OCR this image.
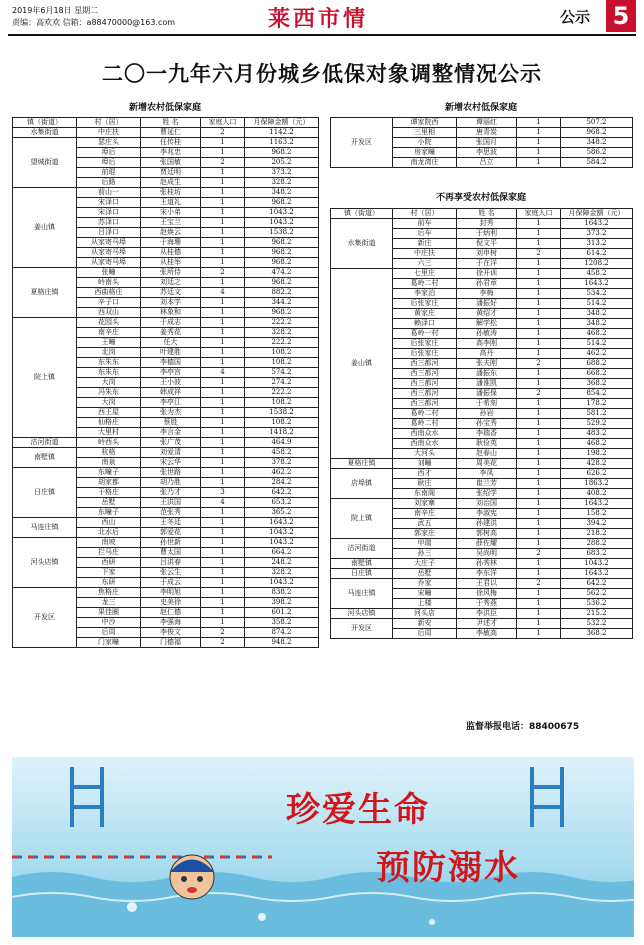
2019年6月18日 星期二
责编：高欢欢 信箱：a88470000@163.com	莱西市情	公示 5
二〇一九年六月份城乡低保对象调整情况公示
新增农村低保家庭
镇（街道）	村（居）	姓 名	家庭人口	月保障金额（元）
水集街道	中庄扶	曹延仁	2	1142.2
望城街道	瑟庄头	任传桂	1	1163.2
	埠后	李兆忠	1	968.2
	埠后	张国敏	2	205.2
	前琨	贾廷明	1	373.2
	后路	赵成生	1	328.2
姜山镇	前山一	张桂坊	1	348.2
	宋泽口	王道礼	1	968.2
	宋泽口	宋小弟	1	1043.2
	苏泽口	王宝兰	1	1043.2
	吕泽口	赵焕云	1	1538.2
	从家寄马埠	于海珊	1	968.2
	从家寄马埠	从桂德	1	968.2
	从家寄马埠	从桂举	1	968.2
夏格庄镇	张疃	张所侍	2	474.2
	岭南头	刘廷之	1	968.2
	西曲格庄	苏廷文	4	882.2
	辛子口	刘本学	1	344.2
	西双山	林象和	1	968.2
院上镇	花园头	于成志	1	222.2
	南辛庄	姜秀花	1	328.2
	王疃	任大	1	222.2
	北岗	叶建胜	1	108.2
	东朱东	李德国	1	108.2
	东朱东	李亭宫	4	574.2
	大岗	王小波	1	274.2
	冯朱东	韩成祥	1	222.2
	大岗	李亭江	1	108.2
	西王屋	张为杰	1	1538.2
	仙格庄	蔡胜	1	108.2
	大里村	李言金	1	1418.2
沽河街道	岭西头	张广茂	1	464.9
南墅镇	杭格	刘爱清	1	458.2
	南泉	宋云华	1	378.2
日庄镇	东疃子	张世路	1	462.2
	胡家都	胡乃胜	1	284.2
	于格庄	张乃才	3	642.2
	岳墅	王洪国	4	653.2
	东疃子	范张秀	1	365.2
马连庄镇	西山	王冬廷	1	1643.2
	北水后	郭爱花	1	1043.2
河头店镇	南坡	孙世新	1	1043.2
	拦马庄	曹太国	1	664.2
	西研	吕洪春	1	248.2
	下家	张云生	1	328.2
	东研	于成云	1	1043.2
开发区	焦格庄	李明旭	1	838.2
	龙三	史美徐	1	398.2
	果佳圈	赵仁德	1	601.2
	中沙	李强海	1	358.2
	后周	李俊文	2	874.2
	门家疃	门德福	2	948.2
新增农村低保家庭
开发区	谭家院西	谭丽红	1	507.2
	三里相	唐青炭	1	968.2
	小院	张国月	1	348.2
	房家疃	李思波	1	586.2
	南龙湾庄	吕立	1	584.2
不再享受农村低保家庭
镇（街道）	村（居）	姓 名	家庭人口	月保障金额（元）
水集街道	前车	封秀	1	1643.2
	后车	于炳利	1	373.2
	新庄	倪文平	1	313.2
	中庄扶	刘申树	2	614.2
	六三	于在洋	1	1208.2
姜山镇	七里庄	徐开训	1	458.2
	葛岭二村	孙君章	1	1643.2
	李家泊	李梅	1	534.2
	后张家庄	潘振好	1	514.2
	黄家庄	黄绍才	1	348.2
	赖泽口	解学松	1	348.2
	葛岭一村	孙敏涛	1	468.2
	后张家庄	高李刚	1	514.2
	后张家庄	高丹	1	462.2
	西三都河	张夫刚	2	688.2
	西三都河	潘振东	1	668.2
	西三都河	潘淮凯	1	368.2
	西三都河	潘振保	2	854.2
	西三都河	于希刻	1	178.2
	葛岭二村	孙岩	1	581.2
	葛岭二村	孙宝秀	1	529.2
	西南众水	李瑞香	1	483.2
	西南众水	耿俭英	1	468.2
	大河头	赵春山	1	198.2
夏格庄镇	刘疃	周美花	1	428.2
店埠镇	西才	李凤	1	626.2
	耿庄	崔兰芳	1	1863.2
	东南阁	张绍学	1	408.2
院上镇	刘家寨	刘治国	1	1643.2
	南辛庄	李淑宪	1	158.2
	武五	孙建洪	1	394.2
	郭家庄	郭树高	1	218.2
沽河街道	甲瑞	薛佐耀	1	288.2
	孙三	吴尚明	2	683.2
南墅镇	大庄子	孙秀林	1	1043.2
日庄镇	岳墅	李东洋	1	1643.2
马连庄镇	乔家	王君以	2	642.2
	宋疃	徐风梅	1	562.2
	上楼	于秀燕	1	536.2
河头店镇	河头店	李洪臣	1	215.2
开发区	新安	尹述才	1	532.2
	后周	李敏高	1	368.2
监督举报电话：88400675
珍爱生命
预防溺水
